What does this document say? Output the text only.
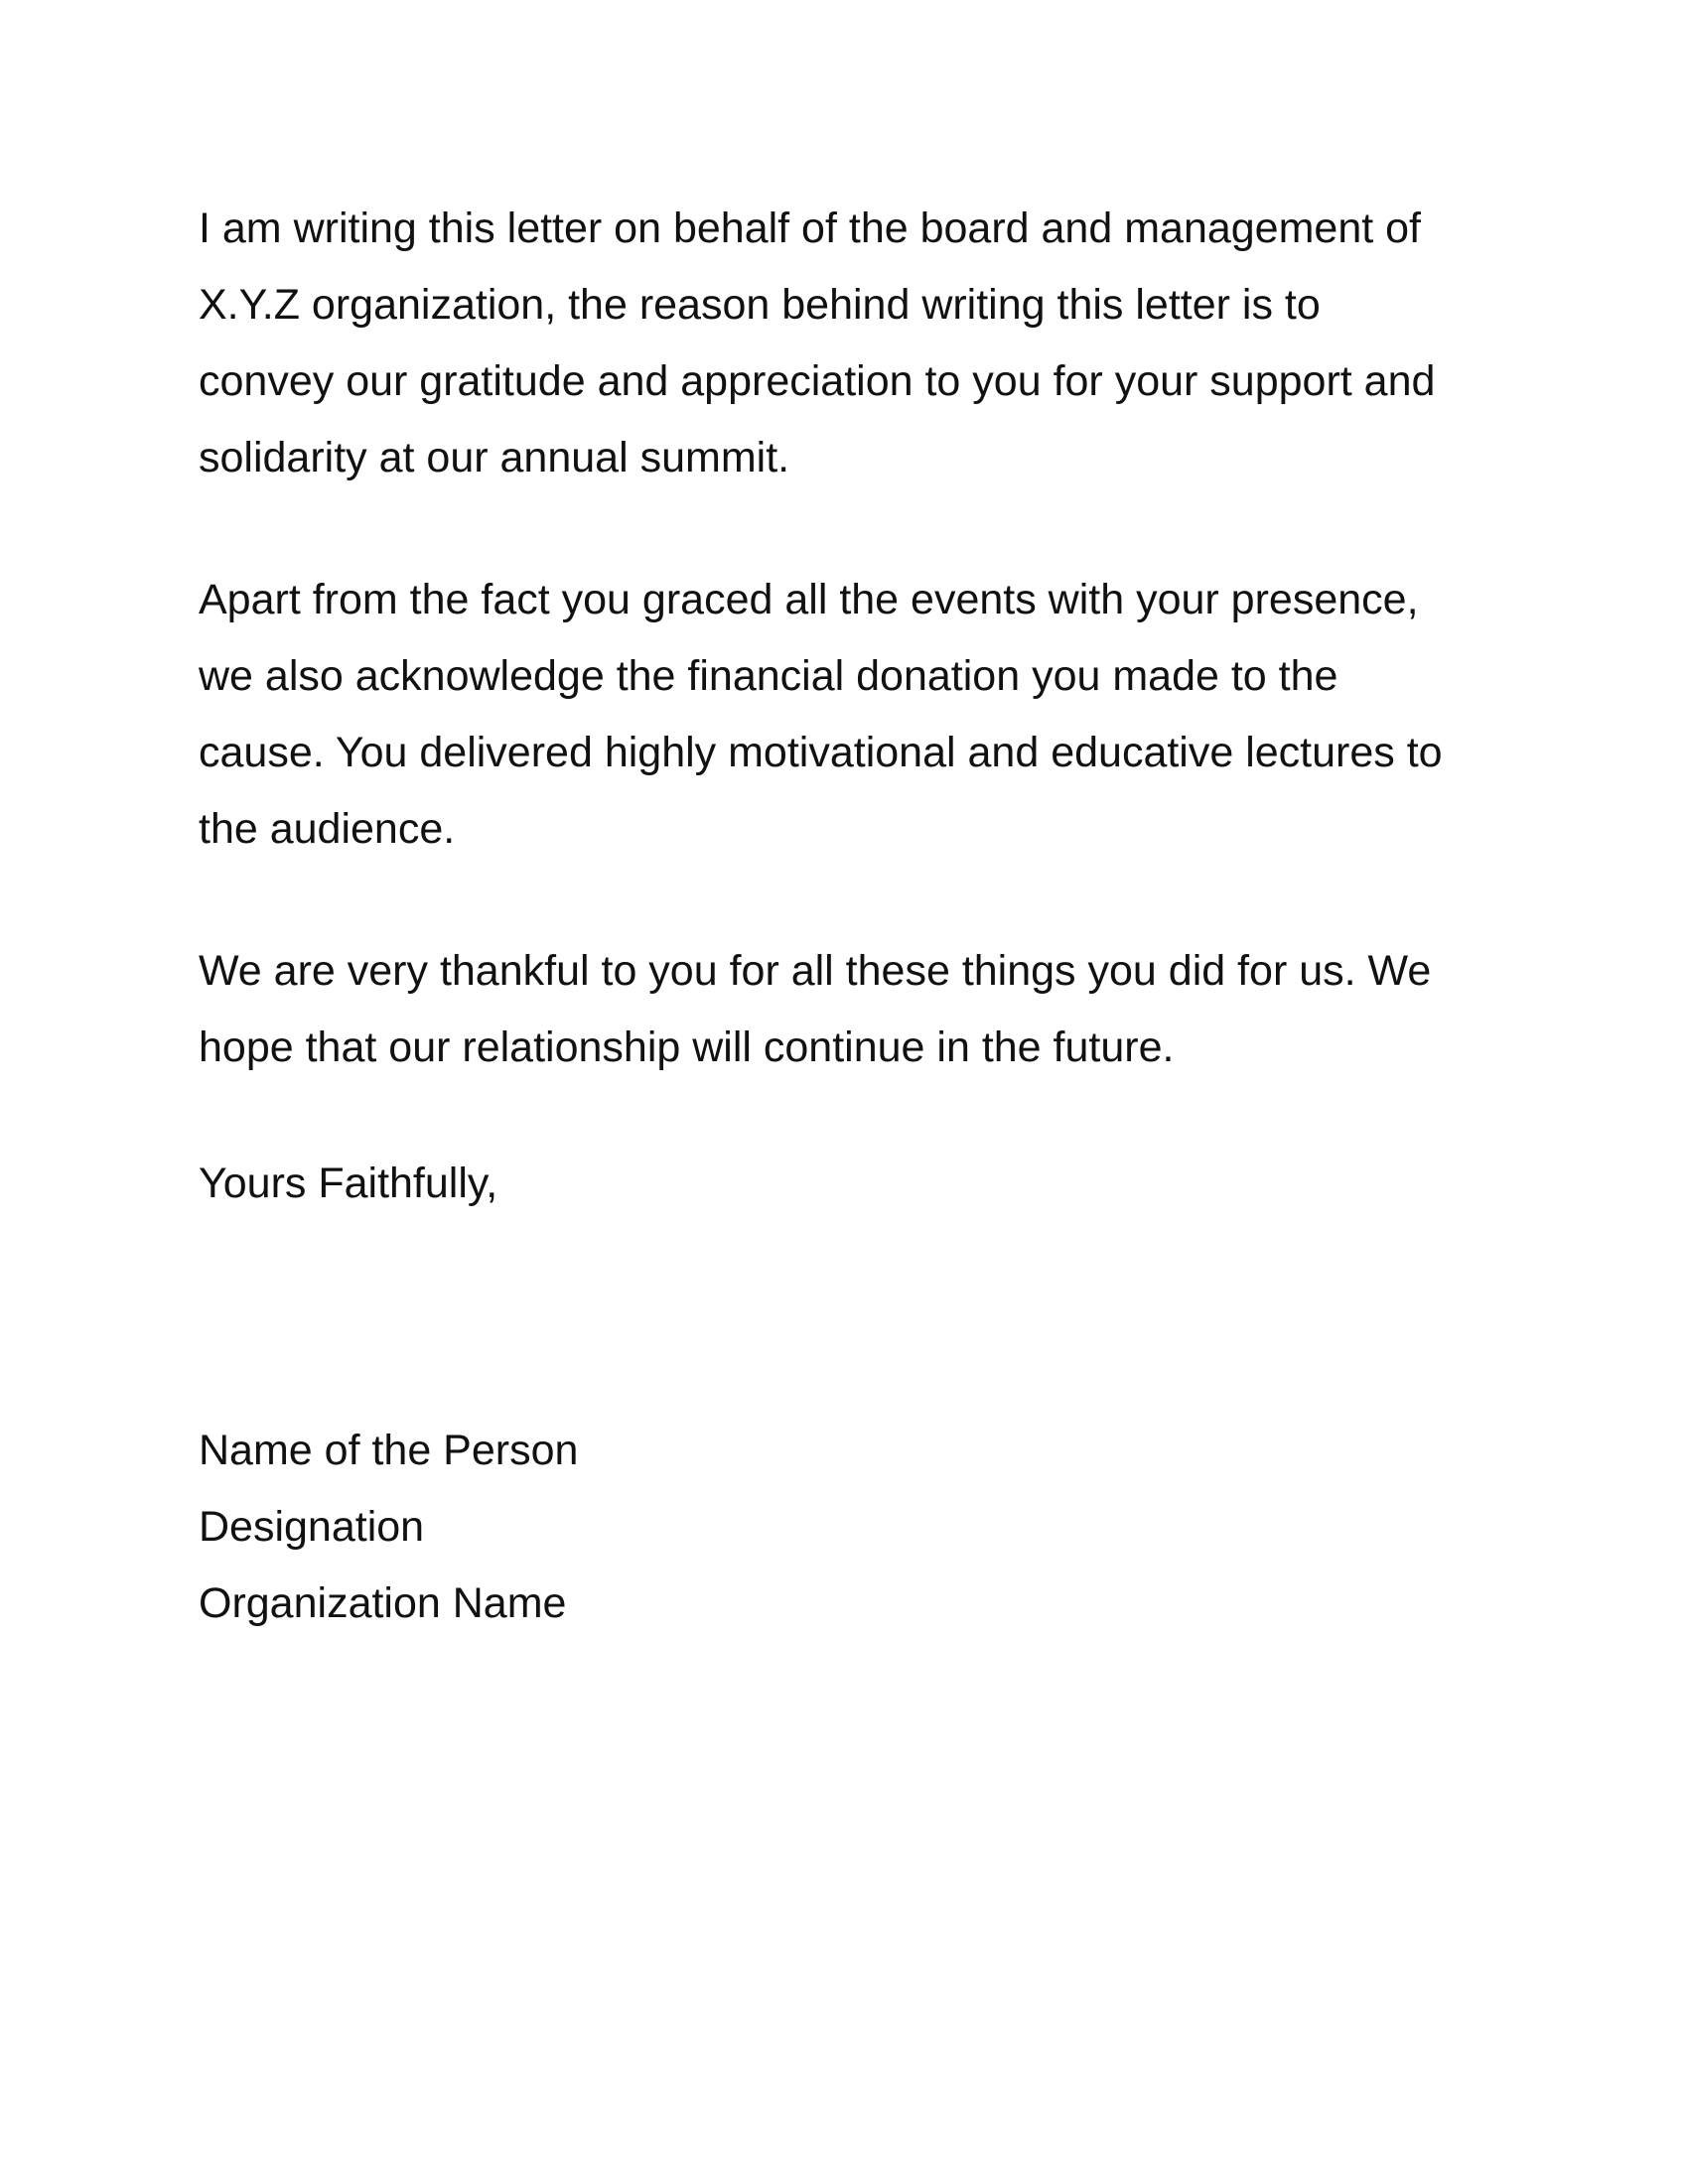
I am writing this letter on behalf of the board and management of
X.Y.Z organization, the reason behind writing this letter is to
convey our gratitude and appreciation to you for your support and
solidarity at our annual summit.

Apart from the fact you graced all the events with your presence,
we also acknowledge the financial donation you made to the
cause. You delivered highly motivational and educative lectures to
the audience.

We are very thankful to you for all these things you did for us. We
hope that our relationship will continue in the future.

Yours Faithfully,

Name of the Person
Designation
Organization Name
